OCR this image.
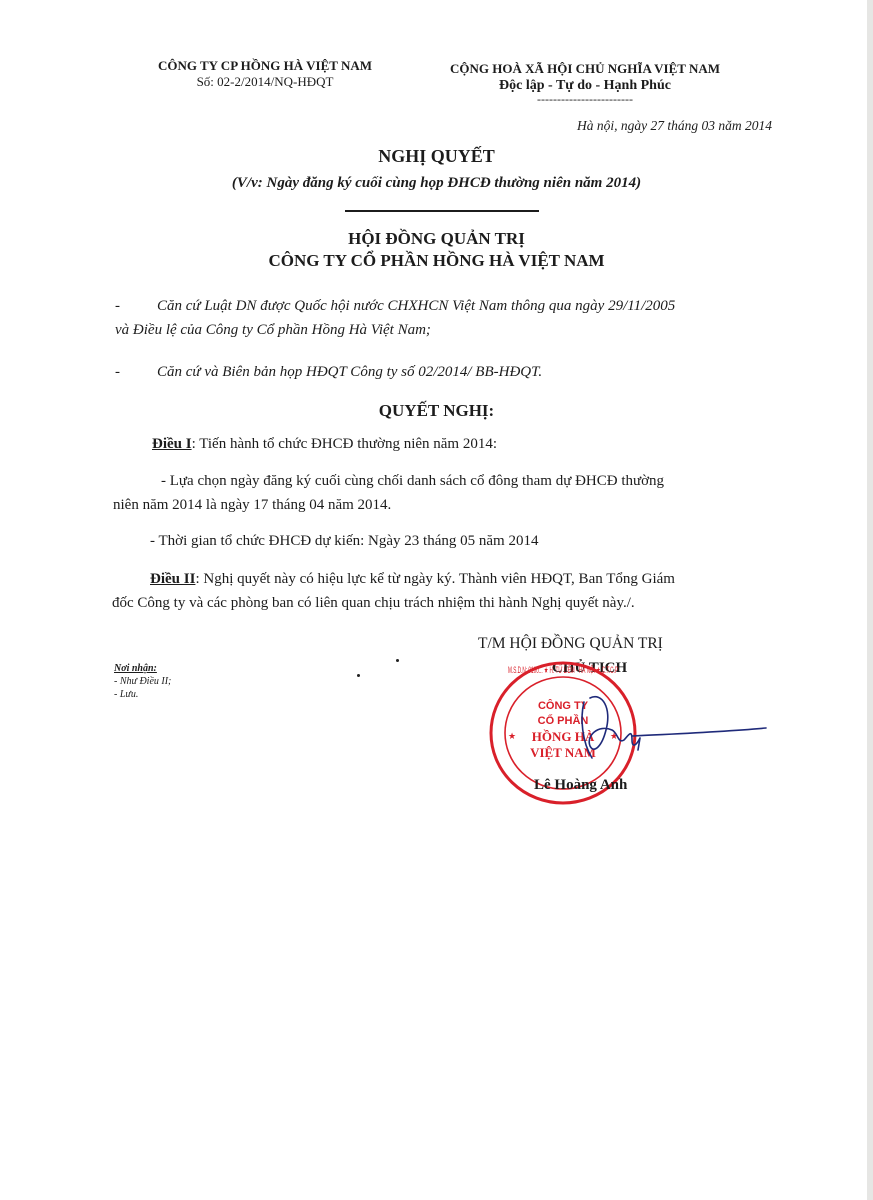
CÔNG TY CP HỒNG HÀ VIỆT NAM
Số: 02-2/2014/NQ-HĐQT
CỘNG HOÀ XÃ HỘI CHỦ NGHĨA VIỆT NAM
Độc lập - Tự do - Hạnh Phúc
------------------------
Hà nội, ngày 27 tháng 03 năm 2014
NGHỊ QUYẾT
(V/v: Ngày đăng ký cuối cùng họp ĐHCĐ thường niên năm 2014)
HỘI ĐỒNG QUẢN TRỊ
CÔNG TY CỔ PHẦN HỒNG HÀ VIỆT NAM
- Căn cứ Luật DN được Quốc hội nước CHXHCN Việt Nam thông qua ngày 29/11/2005
và Điều lệ của Công ty Cổ phần Hồng Hà Việt Nam;
- Căn cứ và Biên bản họp HĐQT Công ty số 02/2014/ BB-HĐQT.
QUYẾT NGHỊ:
Điều I: Tiến hành tổ chức ĐHCĐ thường niên năm 2014:
- Lựa chọn ngày đăng ký cuối cùng chối danh sách cổ đông tham dự ĐHCĐ thường
niên năm 2014 là ngày 17 tháng 04 năm 2014.
- Thời gian tổ chức ĐHCĐ dự kiến: Ngày 23 tháng 05 năm 2014
Điều II: Nghị quyết này có hiệu lực kể từ ngày ký. Thành viên HĐQT, Ban Tổng Giám
đốc Công ty và các phòng ban có liên quan chịu trách nhiệm thi hành Nghị quyết này./.
Nơi nhận:
- Như Điều II;
- Lưu.
T/M HỘI ĐỒNG QUẢN TRỊ
CHỦ TỊCH
M.S.D.N: 0100... ★ H. TỪ LIÊM - HÀ NỘI ★ C.T.C.P
CÔNG TY
CỔ PHẦN
HỒNG HÀ
VIỆT NAM
★	★
Lê Hoàng Anh
